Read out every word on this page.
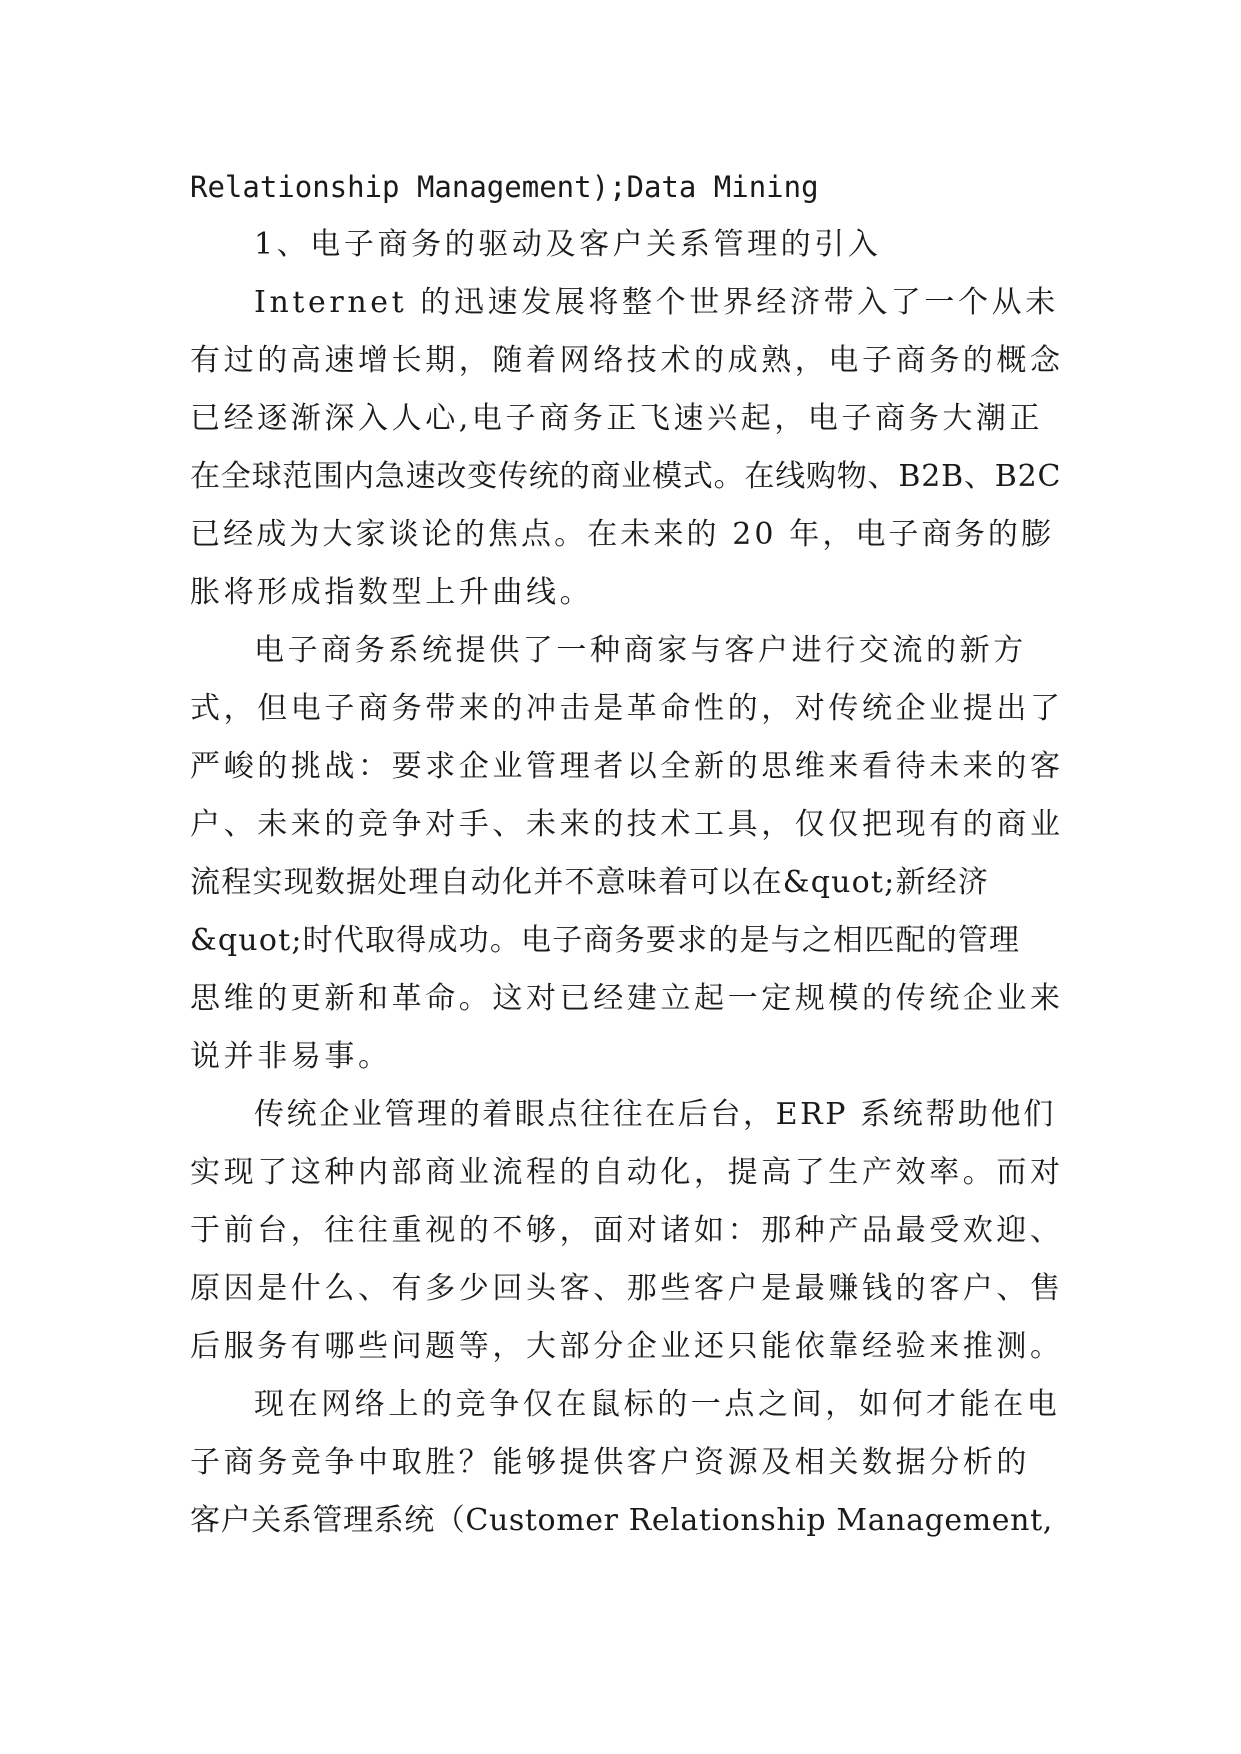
Relationship Management);Data Mining
1、电子商务的驱动及客户关系管理的引入
Internet 的迅速发展将整个世界经济带入了一个从未
有过的高速增长期，随着网络技术的成熟，电子商务的概念
已经逐渐深入人心,电子商务正飞速兴起，电子商务大潮正
在全球范围内急速改变传统的商业模式。在线购物、B2B、B2C
已经成为大家谈论的焦点。在未来的 20 年，电子商务的膨
胀将形成指数型上升曲线。
电子商务系统提供了一种商家与客户进行交流的新方
式，但电子商务带来的冲击是革命性的，对传统企业提出了
严峻的挑战：要求企业管理者以全新的思维来看待未来的客
户、未来的竞争对手、未来的技术工具，仅仅把现有的商业
流程实现数据处理自动化并不意味着可以在&quot;新经济
&quot;时代取得成功。电子商务要求的是与之相匹配的管理
思维的更新和革命。这对已经建立起一定规模的传统企业来
说并非易事。
传统企业管理的着眼点往往在后台，ERP 系统帮助他们
实现了这种内部商业流程的自动化，提高了生产效率。而对
于前台，往往重视的不够，面对诸如：那种产品最受欢迎、
原因是什么、有多少回头客、那些客户是最赚钱的客户、售
后服务有哪些问题等，大部分企业还只能依靠经验来推测。
现在网络上的竞争仅在鼠标的一点之间，如何才能在电
子商务竞争中取胜？能够提供客户资源及相关数据分析的
客户关系管理系统（Customer Relationship Management,
